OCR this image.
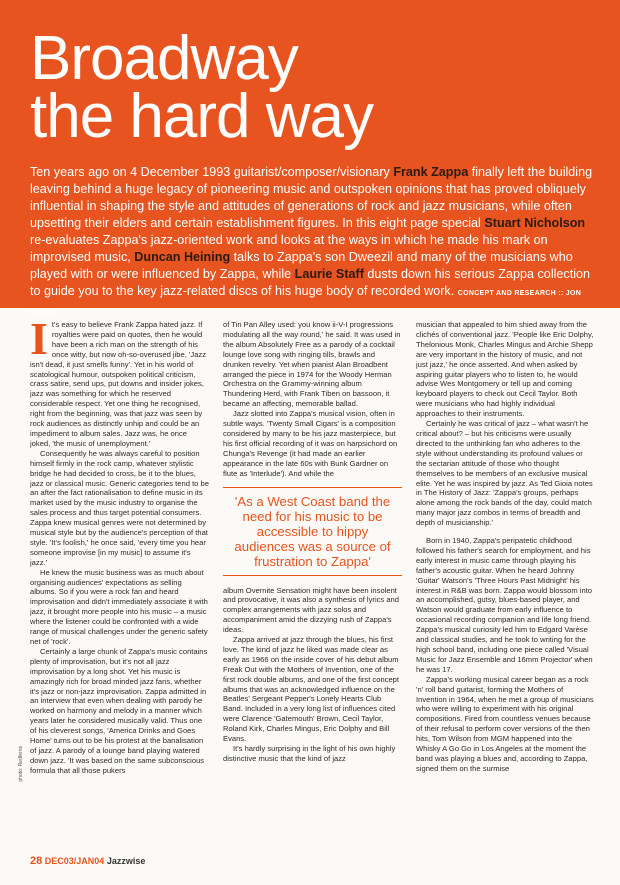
Broadway
the hard way

Ten years ago on 4 December 1993 guitarist/composer/visionary Frank Zappa finally left the building leaving behind a huge legacy of pioneering music and outspoken opinions that has proved obliquely influential in shaping the style and attitudes of generations of rock and jazz musicians, while often upsetting their elders and certain establishment figures. In this eight page special Stuart Nicholson re-evaluates Zappa's jazz-oriented work and looks at the ways in which he made his mark on improvised music, Duncan Heining talks to Zappa's son Dweezil and many of the musicians who played with or were influenced by Zappa, while Laurie Staff dusts down his serious Zappa collection to guide you to the key jazz-related discs of his huge body of recorded work. CONCEPT AND RESEARCH :: JON NEWEY

It's easy to believe Frank Zappa hated jazz. If royalties were paid on quotes, then he would have been a rich man on the strength of his once witty, but now oh-so-overused jibe, 'Jazz isn't dead, it just smells funny'. Yet in his world of scatological humour, outspoken political criticism, crass satire, send ups, put downs and insider jokes, jazz was something for which he reserved considerable respect. Yet one thing he recognised, right from the beginning, was that jazz was seen by rock audiences as distinctly unhip and could be an impediment to album sales. Jazz was, he once joked, 'the music of unemployment.'

Consequently he was always careful to position himself firmly in the rock camp, whatever stylistic bridge he had decided to cross, be it to the blues, jazz or classical music. Generic categories tend to be an after the fact rationalisation to define music in its market used by the music industry to organise the sales process and thus target potential consumers. Zappa knew musical genres were not determined by musical style but by the audience's perception of that style. 'It's foolish,' he once said, 'every time you hear someone improvise [in my music] to assume it's jazz.'

He knew the music business was as much about organising audiences' expectations as selling albums. So if you were a rock fan and heard improvisation and didn't immediately associate it with jazz, it brought more people into his music – a music where the listener could be confronted with a wide range of musical challenges under the generic safety net of 'rock'.

Certainly a large chunk of Zappa's music contains plenty of improvisation, but it's not all jazz improvisation by a long shot. Yet his music is amazingly rich for broad minded jazz fans, whether it's jazz or non-jazz improvisation. Zappa admitted in an interview that even when dealing with parody he worked on harmony and melody in a manner which years later he considered musically valid. Thus one of his cleverest songs, 'America Drinks and Goes Home' turns out to be his protest at the banalisation of jazz. A parody of a lounge band playing watered down jazz. 'It was based on the same subconscious formula that all those pukers

of Tin Pan Alley used: you know ii-V-I progressions modulating all the way round,' he said. It was used in the album Absolutely Free as a parody of a cocktail lounge love song with ringing tills, brawls and drunken revelry. Yet when pianist Alan Broadbent arranged the piece in 1974 for the Woody Herman Orchestra on the Grammy-winning album Thundering Herd, with Frank Tiben on bassoon, it became an affecting, memorable ballad.

Jazz slotted into Zappa's musical vision, often in subtle ways. 'Twenty Small Cigars' is a composition considered by many to be his jazz masterpiece, but his first official recording of it was on harpsichord on Chunga's Revenge (it had made an earlier appearance in the late 60s with Bunk Gardner on flute as 'Interlude'). And while the

'As a West Coast band the need for his music to be accessible to hippy audiences was a source of frustration to Zappa'

album Overnite Sensation might have been insolent and provocative, it was also a synthesis of lyrics and complex arrangements with jazz solos and accompaniment amid the dizzying rush of Zappa's ideas.

Zappa arrived at jazz through the blues, his first love. The kind of jazz he liked was made clear as early as 1966 on the inside cover of his debut album Freak Out with the Mothers of Invention, one of the first rock double albums, and one of the first concept albums that was an acknowledged influence on the Beatles' Sergeant Pepper's Lonely Hearts Club Band. Included in a very long list of influences cited were Clarence 'Gatemouth' Brown, Cecil Taylor, Roland Kirk, Charles Mingus, Eric Dolphy and Bill Evans.

It's hardly surprising in the light of his own highly distinctive music that the kind of jazz

musician that appealed to him shied away from the clichés of conventional jazz. 'People like Eric Dolphy, Thelonious Monk, Charles Mingus and Archie Shepp are very important in the history of music, and not just jazz,' he once asserted. And when asked by aspiring guitar players who to listen to, he would advise Wes Montgomery or tell up and coming keyboard players to check out Cecil Taylor. Both were musicians who had highly individual approaches to their instruments.

Certainly he was critical of jazz – what wasn't he critical about? – but his criticisms were usually directed to the unthinking fan who adheres to the style without understanding its profound values or the sectarian attitude of those who thought themselves to be members of an exclusive musical elite. Yet he was inspired by jazz. As Ted Gioia notes in The History of Jazz: 'Zappa's groups, perhaps alone among the rock bands of the day, could match many major jazz combos in terms of breadth and depth of musicianship.'

Born in 1940, Zappa's peripatetic childhood followed his father's search for employment, and his early interest in music came through playing his father's acoustic guitar. When he heard Johnny 'Guitar' Watson's 'Three Hours Past Midnight' his interest in R&B was born. Zappa would blossom into an accomplished, gutsy, blues-based player, and Watson would graduate from early influence to occasional recording companion and life long friend. Zappa's musical curiosity led him to Edgard Varèse and classical studies, and he took to writing for the high school band, including one piece called 'Visual Music for Jazz Ensemble and 16mm Projector' when he was 17.

Zappa's working musical career began as a rock 'n' roll band guitarist, forming the Mothers of Invention in 1964, when he met a group of musicians who were willing to experiment with his original compositions. Fired from countless venues because of their refusal to perform cover versions of the then hits, Tom Wilson from MGM happened into the Whisky A Go Go in Los Angeles at the moment the band was playing a blues and, according to Zappa, signed them on the surmise

photo: Redferns
28 DEC03/JAN04 Jazzwise
